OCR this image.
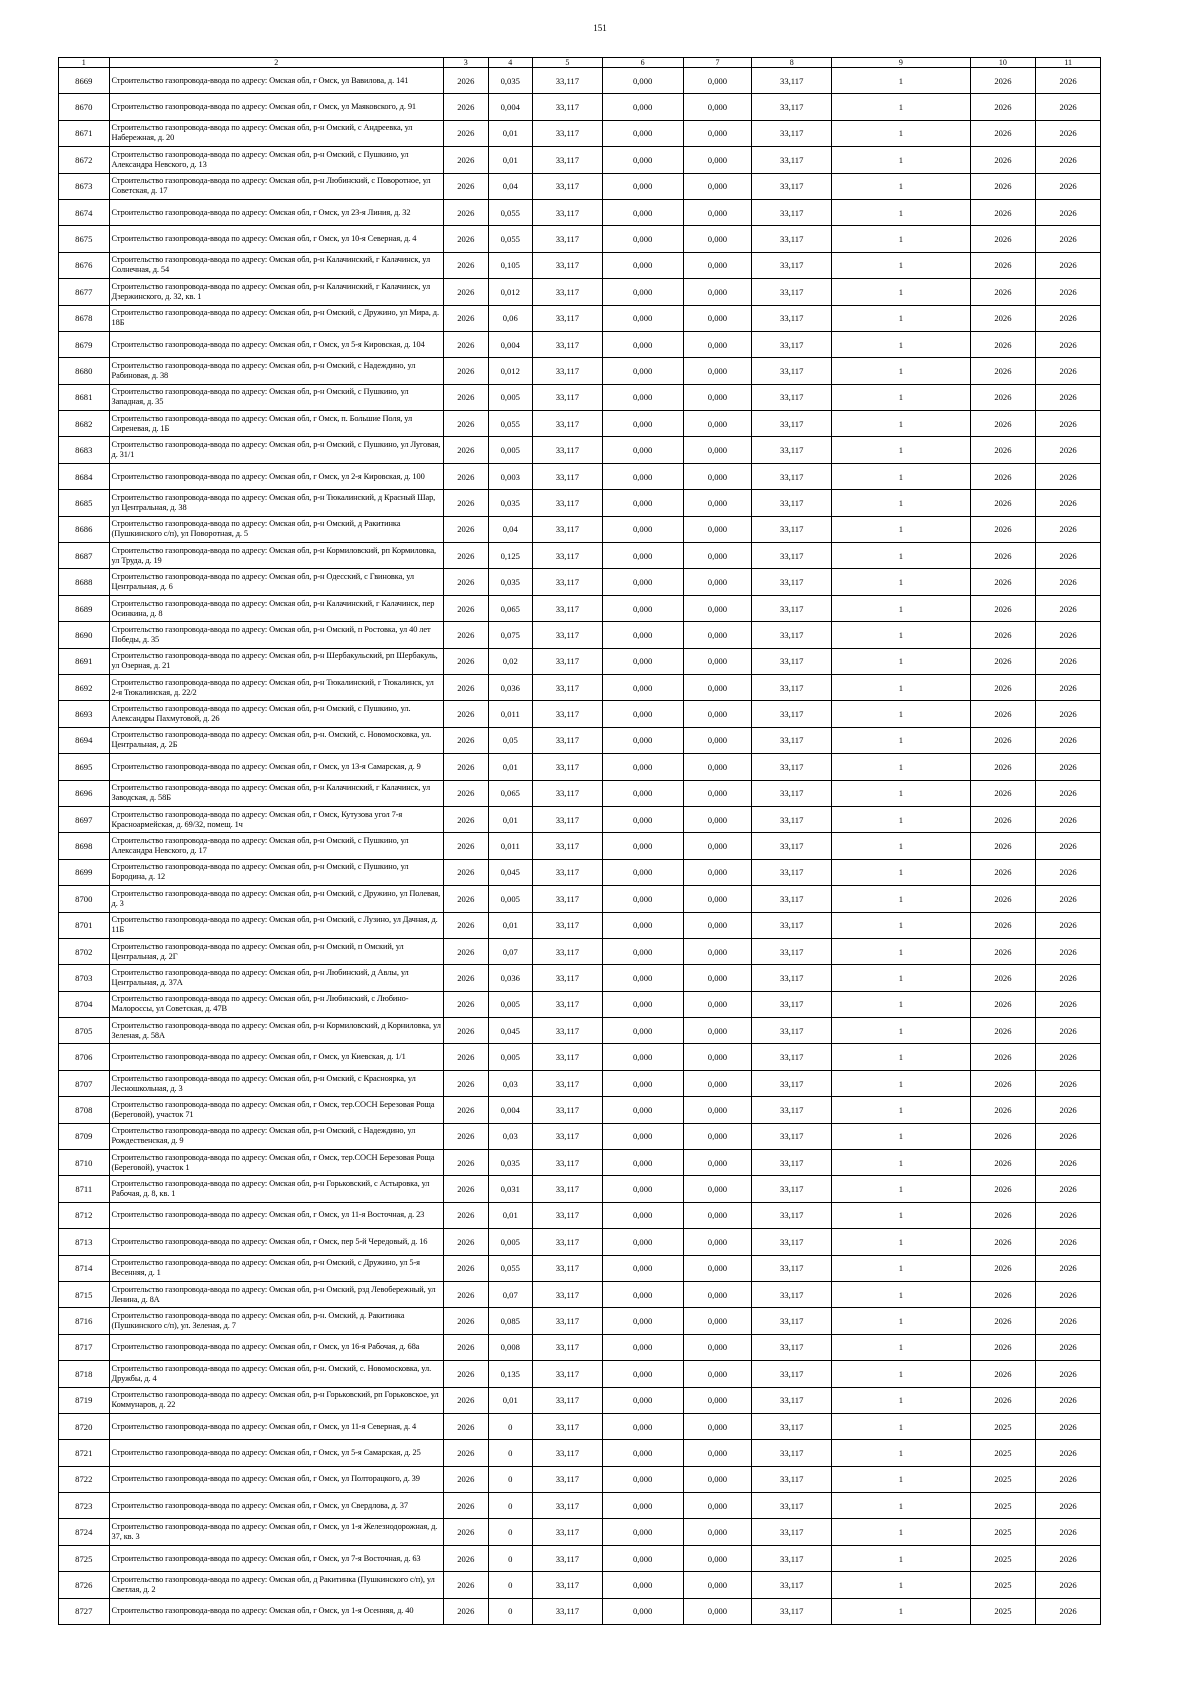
151
1	2	3	4	5	6	7	8	9	10	11
8669	Строительство газопровода-ввода по адресу: Омская обл, г Омск, ул Вавилова, д. 141	2026	0,035	33,117	0,000	0,000	33,117	1	2026	2026
8670	Строительство газопровода-ввода по адресу: Омская обл, г Омск, ул Маяковского, д. 91	2026	0,004	33,117	0,000	0,000	33,117	1	2026	2026
8671	Строительство газопровода-ввода по адресу: Омская обл, р-н Омский, с Андреевка, ул Набережная, д. 20	2026	0,01	33,117	0,000	0,000	33,117	1	2026	2026
8672	Строительство газопровода-ввода по адресу: Омская обл, р-н Омский, с Пушкино, ул Александра Невского, д. 13	2026	0,01	33,117	0,000	0,000	33,117	1	2026	2026
8673	Строительство газопровода-ввода по адресу: Омская обл, р-н Любинский, с Поворотное, ул Советская, д. 17	2026	0,04	33,117	0,000	0,000	33,117	1	2026	2026
8674	Строительство газопровода-ввода по адресу: Омская обл, г Омск, ул 23-я Линия, д. 32	2026	0,055	33,117	0,000	0,000	33,117	1	2026	2026
8675	Строительство газопровода-ввода по адресу: Омская обл, г Омск, ул 10-я Северная, д. 4	2026	0,055	33,117	0,000	0,000	33,117	1	2026	2026
8676	Строительство газопровода-ввода по адресу: Омская обл, р-н Калачинский, г Калачинск, ул Солнечная, д. 54	2026	0,105	33,117	0,000	0,000	33,117	1	2026	2026
8677	Строительство газопровода-ввода по адресу: Омская обл, р-н Калачинский, г Калачинск, ул Дзержинского, д. 32, кв. 1	2026	0,012	33,117	0,000	0,000	33,117	1	2026	2026
8678	Строительство газопровода-ввода по адресу: Омская обл, р-н Омский, с Дружино, ул Мира, д. 18Б	2026	0,06	33,117	0,000	0,000	33,117	1	2026	2026
8679	Строительство газопровода-ввода по адресу: Омская обл, г Омск, ул 5-я Кировская, д. 104	2026	0,004	33,117	0,000	0,000	33,117	1	2026	2026
8680	Строительство газопровода-ввода по адресу: Омская обл, р-н Омский, с Надеждино, ул Рабиновая, д. 38	2026	0,012	33,117	0,000	0,000	33,117	1	2026	2026
8681	Строительство газопровода-ввода по адресу: Омская обл, р-н Омский, с Пушкино, ул Западная, д. 35	2026	0,005	33,117	0,000	0,000	33,117	1	2026	2026
8682	Строительство газопровода-ввода по адресу: Омская обл, г Омск, п. Большие Поля, ул Сиреневая, д. 1Б	2026	0,055	33,117	0,000	0,000	33,117	1	2026	2026
8683	Строительство газопровода-ввода по адресу: Омская обл, р-н Омский, с Пушкино, ул Луговая, д. 31/1	2026	0,005	33,117	0,000	0,000	33,117	1	2026	2026
8684	Строительство газопровода-ввода по адресу: Омская обл, г Омск, ул 2-я Кировская, д. 100	2026	0,003	33,117	0,000	0,000	33,117	1	2026	2026
8685	Строительство газопровода-ввода по адресу: Омская обл, р-н Тюкалинский, д Красный Шар, ул Центральная, д. 38	2026	0,035	33,117	0,000	0,000	33,117	1	2026	2026
8686	Строительство газопровода-ввода по адресу: Омская обл, р-н Омский, д Ракитинка (Пушкинского с/п), ул Поворотная, д. 5	2026	0,04	33,117	0,000	0,000	33,117	1	2026	2026
8687	Строительство газопровода-ввода по адресу: Омская обл, р-н Кормиловский, рп Кормиловка, ул Труда, д. 19	2026	0,125	33,117	0,000	0,000	33,117	1	2026	2026
8688	Строительство газопровода-ввода по адресу: Омская обл, р-н Одесский, с Гвиновка, ул Центральная, д. 6	2026	0,035	33,117	0,000	0,000	33,117	1	2026	2026
8689	Строительство газопровода-ввода по адресу: Омская обл, р-н Калачинский, г Калачинск, пер Осинкина, д. 8	2026	0,065	33,117	0,000	0,000	33,117	1	2026	2026
8690	Строительство газопровода-ввода по адресу: Омская обл, р-н Омский, п Ростовка, ул 40 лет Победы, д. 35	2026	0,075	33,117	0,000	0,000	33,117	1	2026	2026
8691	Строительство газопровода-ввода по адресу: Омская обл, р-н Шербакульский, рп Шербакуль, ул Озерная, д. 21	2026	0,02	33,117	0,000	0,000	33,117	1	2026	2026
8692	Строительство газопровода-ввода по адресу: Омская обл, р-н Тюкалинский, г Тюкалинск, ул 2-я Тюкалинская, д. 22/2	2026	0,036	33,117	0,000	0,000	33,117	1	2026	2026
8693	Строительство газопровода-ввода по адресу: Омская обл, р-н Омский, с Пушкино, ул. Александры Пахмутовой, д. 26	2026	0,011	33,117	0,000	0,000	33,117	1	2026	2026
8694	Строительство газопровода-ввода по адресу: Омская обл, р-н. Омский, с. Новомосковка, ул. Центральная, д. 2Б	2026	0,05	33,117	0,000	0,000	33,117	1	2026	2026
8695	Строительство газопровода-ввода по адресу: Омская обл, г Омск, ул 13-я Самарская, д. 9	2026	0,01	33,117	0,000	0,000	33,117	1	2026	2026
8696	Строительство газопровода-ввода по адресу: Омская обл, р-н Калачинский, г Калачинск, ул Заводская, д. 58Б	2026	0,065	33,117	0,000	0,000	33,117	1	2026	2026
8697	Строительство газопровода-ввода по адресу: Омская обл, г Омск, Кутузова угол 7-я Красноармейская, д. 69/32, помещ. 1ч	2026	0,01	33,117	0,000	0,000	33,117	1	2026	2026
8698	Строительство газопровода-ввода по адресу: Омская обл, р-н Омский, с Пушкино, ул Александра Невского, д. 17	2026	0,011	33,117	0,000	0,000	33,117	1	2026	2026
8699	Строительство газопровода-ввода по адресу: Омская обл, р-н Омский, с Пушкино, ул Бородина, д. 12	2026	0,045	33,117	0,000	0,000	33,117	1	2026	2026
8700	Строительство газопровода-ввода по адресу: Омская обл, р-н Омский, с Дружино, ул Полевая, д. 3	2026	0,005	33,117	0,000	0,000	33,117	1	2026	2026
8701	Строительство газопровода-ввода по адресу: Омская обл, р-н Омский, с Лузино, ул Дачная, д. 11Б	2026	0,01	33,117	0,000	0,000	33,117	1	2026	2026
8702	Строительство газопровода-ввода по адресу: Омская обл, р-н Омский, п Омский, ул Центральная, д. 2Г	2026	0,07	33,117	0,000	0,000	33,117	1	2026	2026
8703	Строительство газопровода-ввода по адресу: Омская обл, р-н Любинский, д Авлы, ул Центральная, д. 37А	2026	0,036	33,117	0,000	0,000	33,117	1	2026	2026
8704	Строительство газопровода-ввода по адресу: Омская обл, р-н Любинский, с Любино-Малороссы, ул Советская, д. 47В	2026	0,005	33,117	0,000	0,000	33,117	1	2026	2026
8705	Строительство газопровода-ввода по адресу: Омская обл, р-н Кормиловский, д Корниловка, ул Зеленая, д. 58А	2026	0,045	33,117	0,000	0,000	33,117	1	2026	2026
8706	Строительство газопровода-ввода по адресу: Омская обл, г Омск, ул Киевская, д. 1/1	2026	0,005	33,117	0,000	0,000	33,117	1	2026	2026
8707	Строительство газопровода-ввода по адресу: Омская обл, р-н Омский, с Красноярка, ул Лесношкольная, д. 3	2026	0,03	33,117	0,000	0,000	33,117	1	2026	2026
8708	Строительство газопровода-ввода по адресу: Омская обл, г Омск, тер.СОСН Березовая Роща (Береговой), участок 71	2026	0,004	33,117	0,000	0,000	33,117	1	2026	2026
8709	Строительство газопровода-ввода по адресу: Омская обл, р-н Омский, с Надеждино, ул Рождественская, д. 9	2026	0,03	33,117	0,000	0,000	33,117	1	2026	2026
8710	Строительство газопровода-ввода по адресу: Омская обл, г Омск, тер.СОСН Березовая Роща (Береговой), участок 1	2026	0,035	33,117	0,000	0,000	33,117	1	2026	2026
8711	Строительство газопровода-ввода по адресу: Омская обл, р-н Горьковский, с Астыровка, ул Рабочая, д. 8, кв. 1	2026	0,031	33,117	0,000	0,000	33,117	1	2026	2026
8712	Строительство газопровода-ввода по адресу: Омская обл, г Омск, ул 11-я Восточная, д. 23	2026	0,01	33,117	0,000	0,000	33,117	1	2026	2026
8713	Строительство газопровода-ввода по адресу: Омская обл, г Омск, пер 5-й Чередовый, д. 16	2026	0,005	33,117	0,000	0,000	33,117	1	2026	2026
8714	Строительство газопровода-ввода по адресу: Омская обл, р-н Омский, с Дружино, ул 5-я Весенняя, д. 1	2026	0,055	33,117	0,000	0,000	33,117	1	2026	2026
8715	Строительство газопровода-ввода по адресу: Омская обл, р-н Омский, рзд Левобережный, ул Ленина, д. 8А	2026	0,07	33,117	0,000	0,000	33,117	1	2026	2026
8716	Строительство газопровода-ввода по адресу: Омская обл, р-н. Омский, д. Ракитинка (Пушкинского с/п), ул. Зеленая, д. 7	2026	0,085	33,117	0,000	0,000	33,117	1	2026	2026
8717	Строительство газопровода-ввода по адресу: Омская обл, г Омск, ул 16-я Рабочая, д. 68а	2026	0,008	33,117	0,000	0,000	33,117	1	2026	2026
8718	Строительство газопровода-ввода по адресу: Омская обл, р-н. Омский, с. Новомосковка, ул. Дружбы, д. 4	2026	0,135	33,117	0,000	0,000	33,117	1	2026	2026
8719	Строительство газопровода-ввода по адресу: Омская обл, р-н Горьковский, рп Горьковское, ул Коммунаров, д. 22	2026	0,01	33,117	0,000	0,000	33,117	1	2026	2026
8720	Строительство газопровода-ввода по адресу: Омская обл, г Омск, ул 11-я Северная, д. 4	2026	0	33,117	0,000	0,000	33,117	1	2025	2026
8721	Строительство газопровода-ввода по адресу: Омская обл, г Омск, ул 5-я Самарская, д. 25	2026	0	33,117	0,000	0,000	33,117	1	2025	2026
8722	Строительство газопровода-ввода по адресу: Омская обл, г Омск, ул Полторацкого, д. 39	2026	0	33,117	0,000	0,000	33,117	1	2025	2026
8723	Строительство газопровода-ввода по адресу: Омская обл, г Омск, ул Свердлова, д. 37	2026	0	33,117	0,000	0,000	33,117	1	2025	2026
8724	Строительство газопровода-ввода по адресу: Омская обл, г Омск, ул 1-я Железнодорожная, д. 37, кв. 3	2026	0	33,117	0,000	0,000	33,117	1	2025	2026
8725	Строительство газопровода-ввода по адресу: Омская обл, г Омск, ул 7-я Восточная, д. 63	2026	0	33,117	0,000	0,000	33,117	1	2025	2026
8726	Строительство газопровода-ввода по адресу: Омская обл, д Ракитинка (Пушкинского с/п), ул Светлая, д. 2	2026	0	33,117	0,000	0,000	33,117	1	2025	2026
8727	Строительство газопровода-ввода по адресу: Омская обл, г Омск, ул 1-я Осенняя, д. 40	2026	0	33,117	0,000	0,000	33,117	1	2025	2026
